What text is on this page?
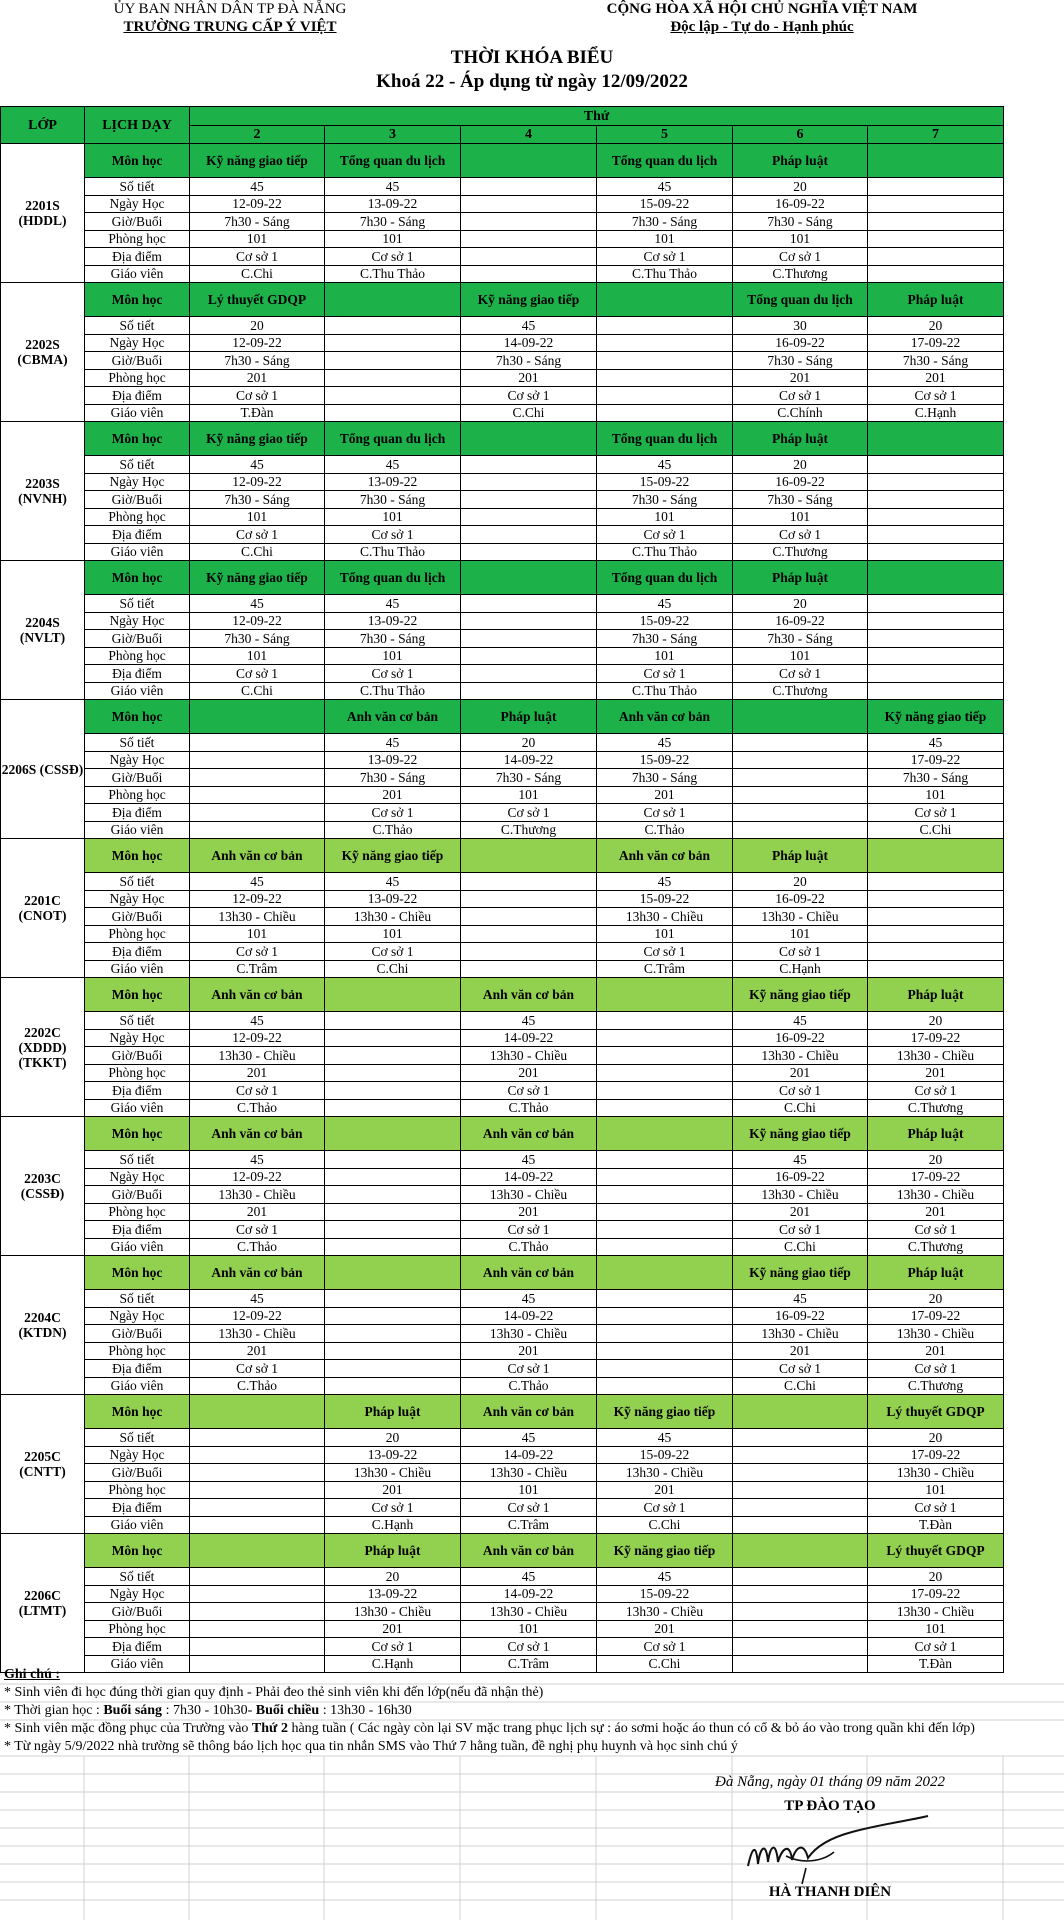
ỦY BAN NHÂN DÂN TP ĐÀ NẴNG
TRƯỜNG TRUNG CẤP Ý VIỆT
CỘNG HÒA XÃ HỘI CHỦ NGHĨA VIỆT NAM
Độc lập - Tự do - Hạnh phúc
THỜI KHÓA BIỂU
Khoá 22 - Áp dụng từ ngày 12/09/2022
LỚP	LỊCH DẠY	Thứ	
		2	3	4	5	6	7	
2201S (HDDL)	Môn học	Kỹ năng giao tiếp	Tổng quan du lịch		Tổng quan du lịch	Pháp luật		
	Số tiết	45	45		45	20		
	Ngày Học	12-09-22	13-09-22		15-09-22	16-09-22		
	Giờ/Buổi	7h30 - Sáng	7h30 - Sáng		7h30 - Sáng	7h30 - Sáng		
	Phòng học	101	101		101	101		
	Địa điểm	Cơ sở 1	Cơ sở 1		Cơ sở 1	Cơ sở 1		
	Giáo viên	C.Chi	C.Thu Thảo		C.Thu Thảo	C.Thương		
2202S (CBMA)	Môn học	Lý thuyết GDQP		Kỹ năng giao tiếp		Tổng quan du lịch	Pháp luật	
	Số tiết	20		45		30	20	
	Ngày Học	12-09-22		14-09-22		16-09-22	17-09-22	
	Giờ/Buổi	7h30 - Sáng		7h30 - Sáng		7h30 - Sáng	7h30 - Sáng	
	Phòng học	201		201		201	201	
	Địa điểm	Cơ sở 1		Cơ sở 1		Cơ sở 1	Cơ sở 1	
	Giáo viên	T.Đàn		C.Chi		C.Chính	C.Hạnh	
2203S (NVNH)	Môn học	Kỹ năng giao tiếp	Tổng quan du lịch		Tổng quan du lịch	Pháp luật		
	Số tiết	45	45		45	20		
	Ngày Học	12-09-22	13-09-22		15-09-22	16-09-22		
	Giờ/Buổi	7h30 - Sáng	7h30 - Sáng		7h30 - Sáng	7h30 - Sáng		
	Phòng học	101	101		101	101		
	Địa điểm	Cơ sở 1	Cơ sở 1		Cơ sở 1	Cơ sở 1		
	Giáo viên	C.Chi	C.Thu Thảo		C.Thu Thảo	C.Thương		
2204S (NVLT)	Môn học	Kỹ năng giao tiếp	Tổng quan du lịch		Tổng quan du lịch	Pháp luật		
	Số tiết	45	45		45	20		
	Ngày Học	12-09-22	13-09-22		15-09-22	16-09-22		
	Giờ/Buổi	7h30 - Sáng	7h30 - Sáng		7h30 - Sáng	7h30 - Sáng		
	Phòng học	101	101		101	101		
	Địa điểm	Cơ sở 1	Cơ sở 1		Cơ sở 1	Cơ sở 1		
	Giáo viên	C.Chi	C.Thu Thảo		C.Thu Thảo	C.Thương		
2206S (CSSĐ)	Môn học		Anh văn cơ bản	Pháp luật	Anh văn cơ bản		Kỹ năng giao tiếp	
	Số tiết		45	20	45		45	
	Ngày Học		13-09-22	14-09-22	15-09-22		17-09-22	
	Giờ/Buổi		7h30 - Sáng	7h30 - Sáng	7h30 - Sáng		7h30 - Sáng	
	Phòng học		201	101	201		101	
	Địa điểm		Cơ sở 1	Cơ sở 1	Cơ sở 1		Cơ sở 1	
	Giáo viên		C.Thảo	C.Thương	C.Thảo		C.Chi	
2201C (CNOT)	Môn học	Anh văn cơ bản	Kỹ năng giao tiếp		Anh văn cơ bản	Pháp luật		
	Số tiết	45	45		45	20		
	Ngày Học	12-09-22	13-09-22		15-09-22	16-09-22		
	Giờ/Buổi	13h30 - Chiều	13h30 - Chiều		13h30 - Chiều	13h30 - Chiều		
	Phòng học	101	101		101	101		
	Địa điểm	Cơ sở 1	Cơ sở 1		Cơ sở 1	Cơ sở 1		
	Giáo viên	C.Trâm	C.Chi		C.Trâm	C.Hạnh		
2202C (XDDD) (TKKT)	Môn học	Anh văn cơ bản		Anh văn cơ bản		Kỹ năng giao tiếp	Pháp luật	
	Số tiết	45		45		45	20	
	Ngày Học	12-09-22		14-09-22		16-09-22	17-09-22	
	Giờ/Buổi	13h30 - Chiều		13h30 - Chiều		13h30 - Chiều	13h30 - Chiều	
	Phòng học	201		201		201	201	
	Địa điểm	Cơ sở 1		Cơ sở 1		Cơ sở 1	Cơ sở 1	
	Giáo viên	C.Thảo		C.Thảo		C.Chi	C.Thương	
2203C (CSSĐ)	Môn học	Anh văn cơ bản		Anh văn cơ bản		Kỹ năng giao tiếp	Pháp luật	
	Số tiết	45		45		45	20	
	Ngày Học	12-09-22		14-09-22		16-09-22	17-09-22	
	Giờ/Buổi	13h30 - Chiều		13h30 - Chiều		13h30 - Chiều	13h30 - Chiều	
	Phòng học	201		201		201	201	
	Địa điểm	Cơ sở 1		Cơ sở 1		Cơ sở 1	Cơ sở 1	
	Giáo viên	C.Thảo		C.Thảo		C.Chi	C.Thương	
2204C (KTDN)	Môn học	Anh văn cơ bản		Anh văn cơ bản		Kỹ năng giao tiếp	Pháp luật	
	Số tiết	45		45		45	20	
	Ngày Học	12-09-22		14-09-22		16-09-22	17-09-22	
	Giờ/Buổi	13h30 - Chiều		13h30 - Chiều		13h30 - Chiều	13h30 - Chiều	
	Phòng học	201		201		201	201	
	Địa điểm	Cơ sở 1		Cơ sở 1		Cơ sở 1	Cơ sở 1	
	Giáo viên	C.Thảo		C.Thảo		C.Chi	C.Thương	
2205C (CNTT)	Môn học		Pháp luật	Anh văn cơ bản	Kỹ năng giao tiếp		Lý thuyết GDQP	
	Số tiết		20	45	45		20	
	Ngày Học		13-09-22	14-09-22	15-09-22		17-09-22	
	Giờ/Buổi		13h30 - Chiều	13h30 - Chiều	13h30 - Chiều		13h30 - Chiều	
	Phòng học		201	101	201		101	
	Địa điểm		Cơ sở 1	Cơ sở 1	Cơ sở 1		Cơ sở 1	
	Giáo viên		C.Hạnh	C.Trâm	C.Chi		T.Đàn	
2206C (LTMT)	Môn học		Pháp luật	Anh văn cơ bản	Kỹ năng giao tiếp		Lý thuyết GDQP	
	Số tiết		20	45	45		20	
	Ngày Học		13-09-22	14-09-22	15-09-22		17-09-22	
	Giờ/Buổi		13h30 - Chiều	13h30 - Chiều	13h30 - Chiều		13h30 - Chiều	
	Phòng học		201	101	201		101	
	Địa điểm		Cơ sở 1	Cơ sở 1	Cơ sở 1		Cơ sở 1	
	Giáo viên		C.Hạnh	C.Trâm	C.Chi		T.Đàn	

Ghi chú :

* Sinh viên đi học đúng thời gian quy định - Phải đeo thẻ sinh viên khi đến lớp(nếu đã nhận thẻ)

* Thời gian học : Buổi sáng : 7h30 - 10h30- Buổi chiều : 13h30 - 16h30

* Sinh viên mặc đồng phục của Trường vào Thứ 2 hàng tuần ( Các ngày còn lại SV mặc trang phục lịch sự : áo sơmi hoặc áo thun có cổ & bỏ áo vào trong quần khi đến lớp)

* Từ ngày 5/9/2022 nhà trường sẽ thông báo lịch học qua tin nhắn SMS vào Thứ 7 hằng tuần, đề nghị phụ huynh và học sinh chú ý

Đà Nẵng, ngày 01 tháng 09 năm 2022
TP ĐÀO TẠO
HÀ THANH DIÊN
